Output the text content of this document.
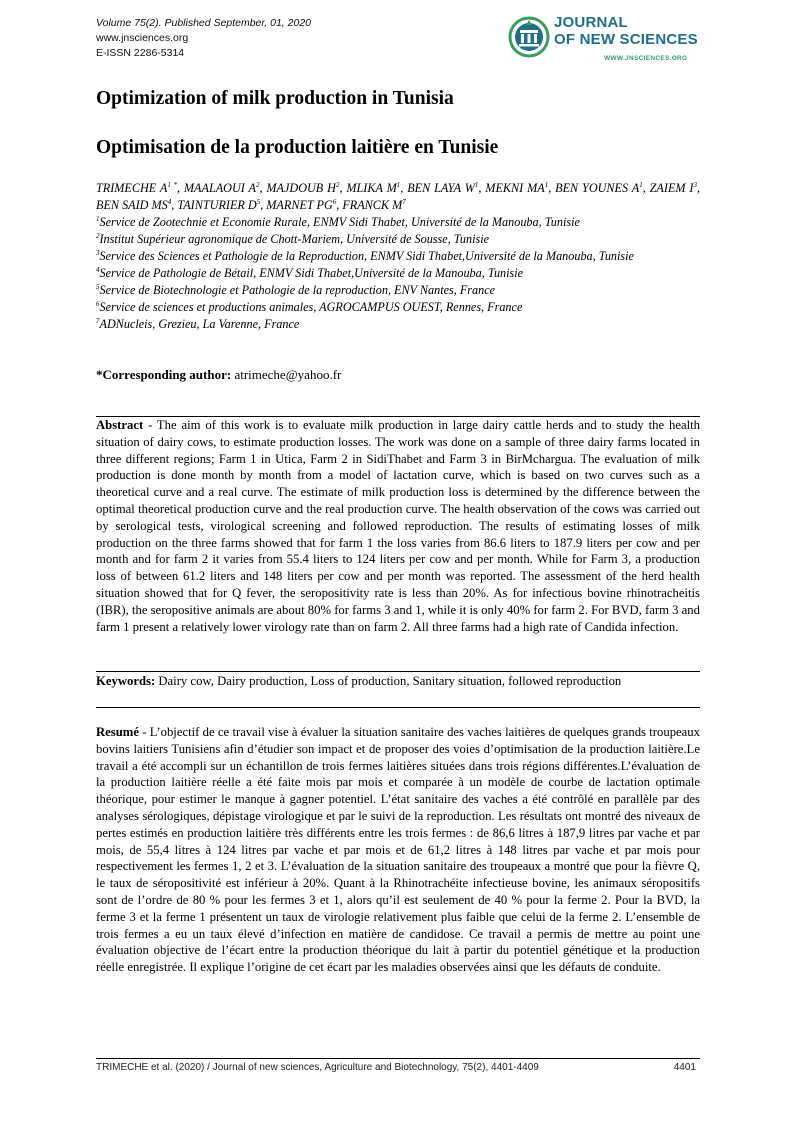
Volume 75(2). Published September, 01, 2020
www.jnsciences.org
E-ISSN 2286-5314
JOURNAL
OF NEW SCIENCES
WWW.JNSCIENCES.ORG
Optimization of milk production in Tunisia
Optimisation de la production laitière en Tunisie
TRIMECHE $A^{1 *}$, MAALAOUI $A^2$, MAJDOUB $H^2$, MLIKA $M^1$, BEN LAYA $W^1$, MEKNI $MA^1$, BEN YOUNES $A^1$, ZAIEM $I^3$, BEN SAID $MS^4$, TAINTURIER $D^5$, MARNET $PG^6$, FRANCK $M^7$
$^1$Service de Zootechnie et Economie Rurale, ENMV Sidi Thabet, Université de la Manouba, Tunisie
$^2$Institut Supérieur agronomique de Chott-Mariem, Université de Sousse, Tunisie
$^3$Service des Sciences et Pathologie de la Reproduction, ENMV Sidi Thabet,Université de la Manouba, Tunisie
$^4$Service de Pathologie de Bétail, ENMV Sidi Thabet,Université de la Manouba, Tunisie
$^5$Service de Biotechnologie et Pathologie de la reproduction, ENV Nantes, France
$^6$Service de sciences et productions animales, AGROCAMPUS OUEST, Rennes, France
$^7$ADNucleis, Grezieu, La Varenne, France
*Corresponding author: atrimeche@yahoo.fr
Abstract - The aim of this work is to evaluate milk production in large dairy cattle herds and to study the health situation of dairy cows, to estimate production losses. The work was done on a sample of three dairy farms located in three different regions; Farm 1 in Utica, Farm 2 in SidiThabet and Farm 3 in BirMchargua. The evaluation of milk production is done month by month from a model of lactation curve, which is based on two curves such as a theoretical curve and a real curve. The estimate of milk production loss is determined by the difference between the optimal theoretical production curve and the real production curve. The health observation of the cows was carried out by serological tests, virological screening and followed reproduction. The results of estimating losses of milk production on the three farms showed that for farm 1 the loss varies from 86.6 liters to 187.9 liters per cow and per month and for farm 2 it varies from 55.4 liters to 124 liters per cow and per month. While for Farm 3, a production loss of between 61.2 liters and 148 liters per cow and per month was reported. The assessment of the herd health situation showed that for Q fever, the seropositivity rate is less than 20%. As for infectious bovine rhinotracheitis (IBR), the seropositive animals are about 80% for farms 3 and 1, while it is only 40% for farm 2. For BVD, farm 3 and farm 1 present a relatively lower virology rate than on farm 2. All three farms had a high rate of Candida infection.
Keywords: Dairy cow, Dairy production, Loss of production, Sanitary situation, followed reproduction
Resumé - L’objectif de ce travail vise à évaluer la situation sanitaire des vaches laitières de quelques grands troupeaux bovins laitiers Tunisiens afin d’étudier son impact et de proposer des voies d’optimisation de la production laitière.Le travail a été accompli sur un échantillon de trois fermes laitières situées dans trois régions différentes.L’évaluation de la production laitière réelle a été faite mois par mois et comparée à un modèle de courbe de lactation optimale théorique, pour estimer le manque à gagner potentiel. L’état sanitaire des vaches a été contrôlé en parallèle par des analyses sérologiques, dépistage virologique et par le suivi de la reproduction. Les résultats ont montré des niveaux de pertes estimés en production laitière très différents entre les trois fermes : de 86,6 litres à 187,9 litres par vache et par mois, de 55,4 litres à 124 litres par vache et par mois et de 61,2 litres à 148 litres par vache et par mois pour respectivement les fermes 1, 2 et 3. L’évaluation de la situation sanitaire des troupeaux a montré que pour la fièvre Q, le taux de séropositivité est inférieur à 20%. Quant à la Rhinotrachéite infectieuse bovine, les animaux séropositifs sont de l’ordre de 80 % pour les fermes 3 et 1, alors qu’il est seulement de 40 % pour la ferme 2. Pour la BVD, la ferme 3 et la ferme 1 présentent un taux de virologie relativement plus faible que celui de la ferme 2. L’ensemble de trois fermes a eu un taux élevé d’infection en matière de candidose. Ce travail a permis de mettre au point une évaluation objective de l’écart entre la production théorique du lait à partir du potentiel génétique et la production réelle enregistrée. Il explique l’origine de cet écart par les maladies observées ainsi que les défauts de conduite.
TRIMECHE et al. (2020) / Journal of new sciences, Agriculture and Biotechnology, 75(2), 4401-4409	4401
